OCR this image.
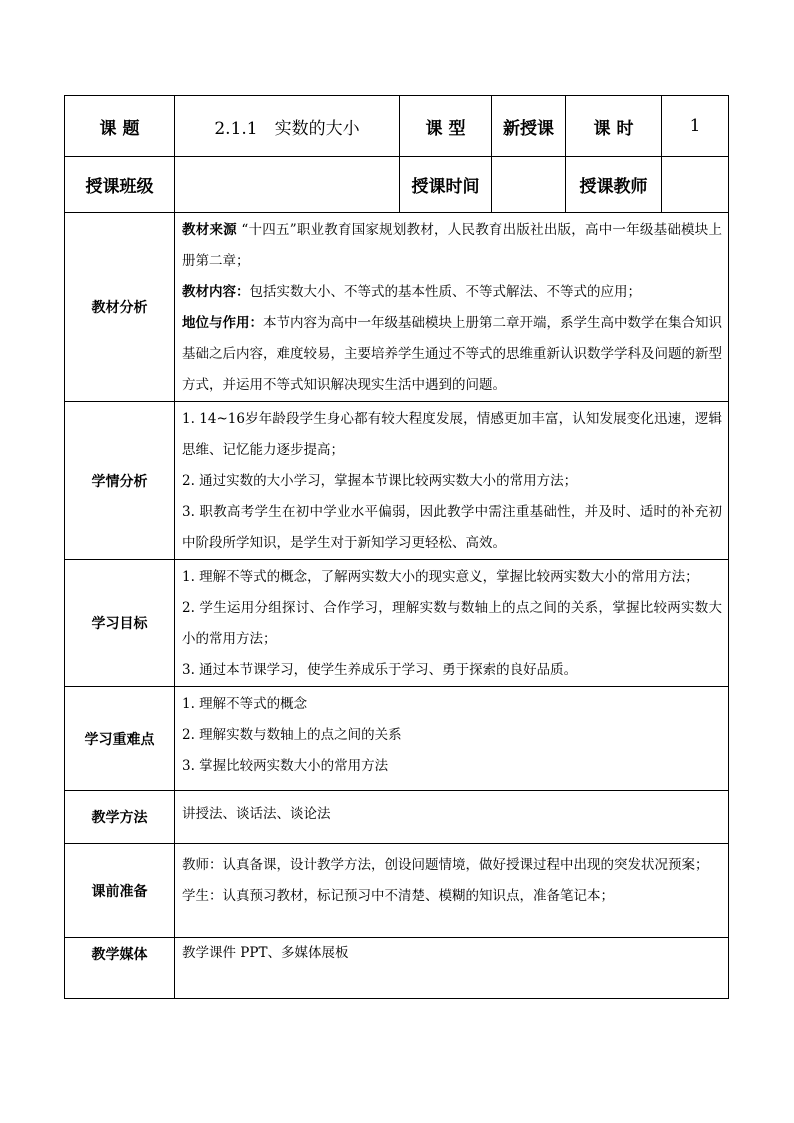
课 题	2.1.1　实数的大小	课 型	新授课	课 时	1
授课班级		授课时间		授课教师	
教材分析	教材来源 “十四五”职业教育国家规划教材，人民教育出版社出版，高中一年级基础模块上册第二章；

教材内容：包括实数大小、不等式的基本性质、不等式解法、不等式的应用；

地位与作用：本节内容为高中一年级基础模块上册第二章开端，系学生高中数学在集合知识基础之后内容，难度较易，主要培养学生通过不等式的思维重新认识数学学科及问题的新型方式，并运用不等式知识解决现实生活中遇到的问题。				

学情分析	1. 14~16岁年龄段学生身心都有较大程度发展，情感更加丰富，认知发展变化迅速，逻辑思维、记忆能力逐步提高；

2. 通过实数的大小学习，掌握本节课比较两实数大小的常用方法；

3. 职教高考学生在初中学业水平偏弱，因此教学中需注重基础性，并及时、适时的补充初中阶段所学知识，是学生对于新知学习更轻松、高效。				

学习目标	1. 理解不等式的概念，了解两实数大小的现实意义，掌握比较两实数大小的常用方法；

2. 学生运用分组探讨、合作学习，理解实数与数轴上的点之间的关系，掌握比较两实数大小的常用方法；

3. 通过本节课学习，使学生养成乐于学习、勇于探索的良好品质。				

学习重难点	1. 理解不等式的概念

2. 理解实数与数轴上的点之间的关系

3. 掌握比较两实数大小的常用方法				

教学方法	讲授法、谈话法、谈论法				

课前准备	教师：认真备课，设计教学方法，创设问题情境，做好授课过程中出现的突发状况预案；

学生：认真预习教材，标记预习中不清楚、模糊的知识点，准备笔记本；				

教学媒体	教学课件 PPT、多媒体展板				
